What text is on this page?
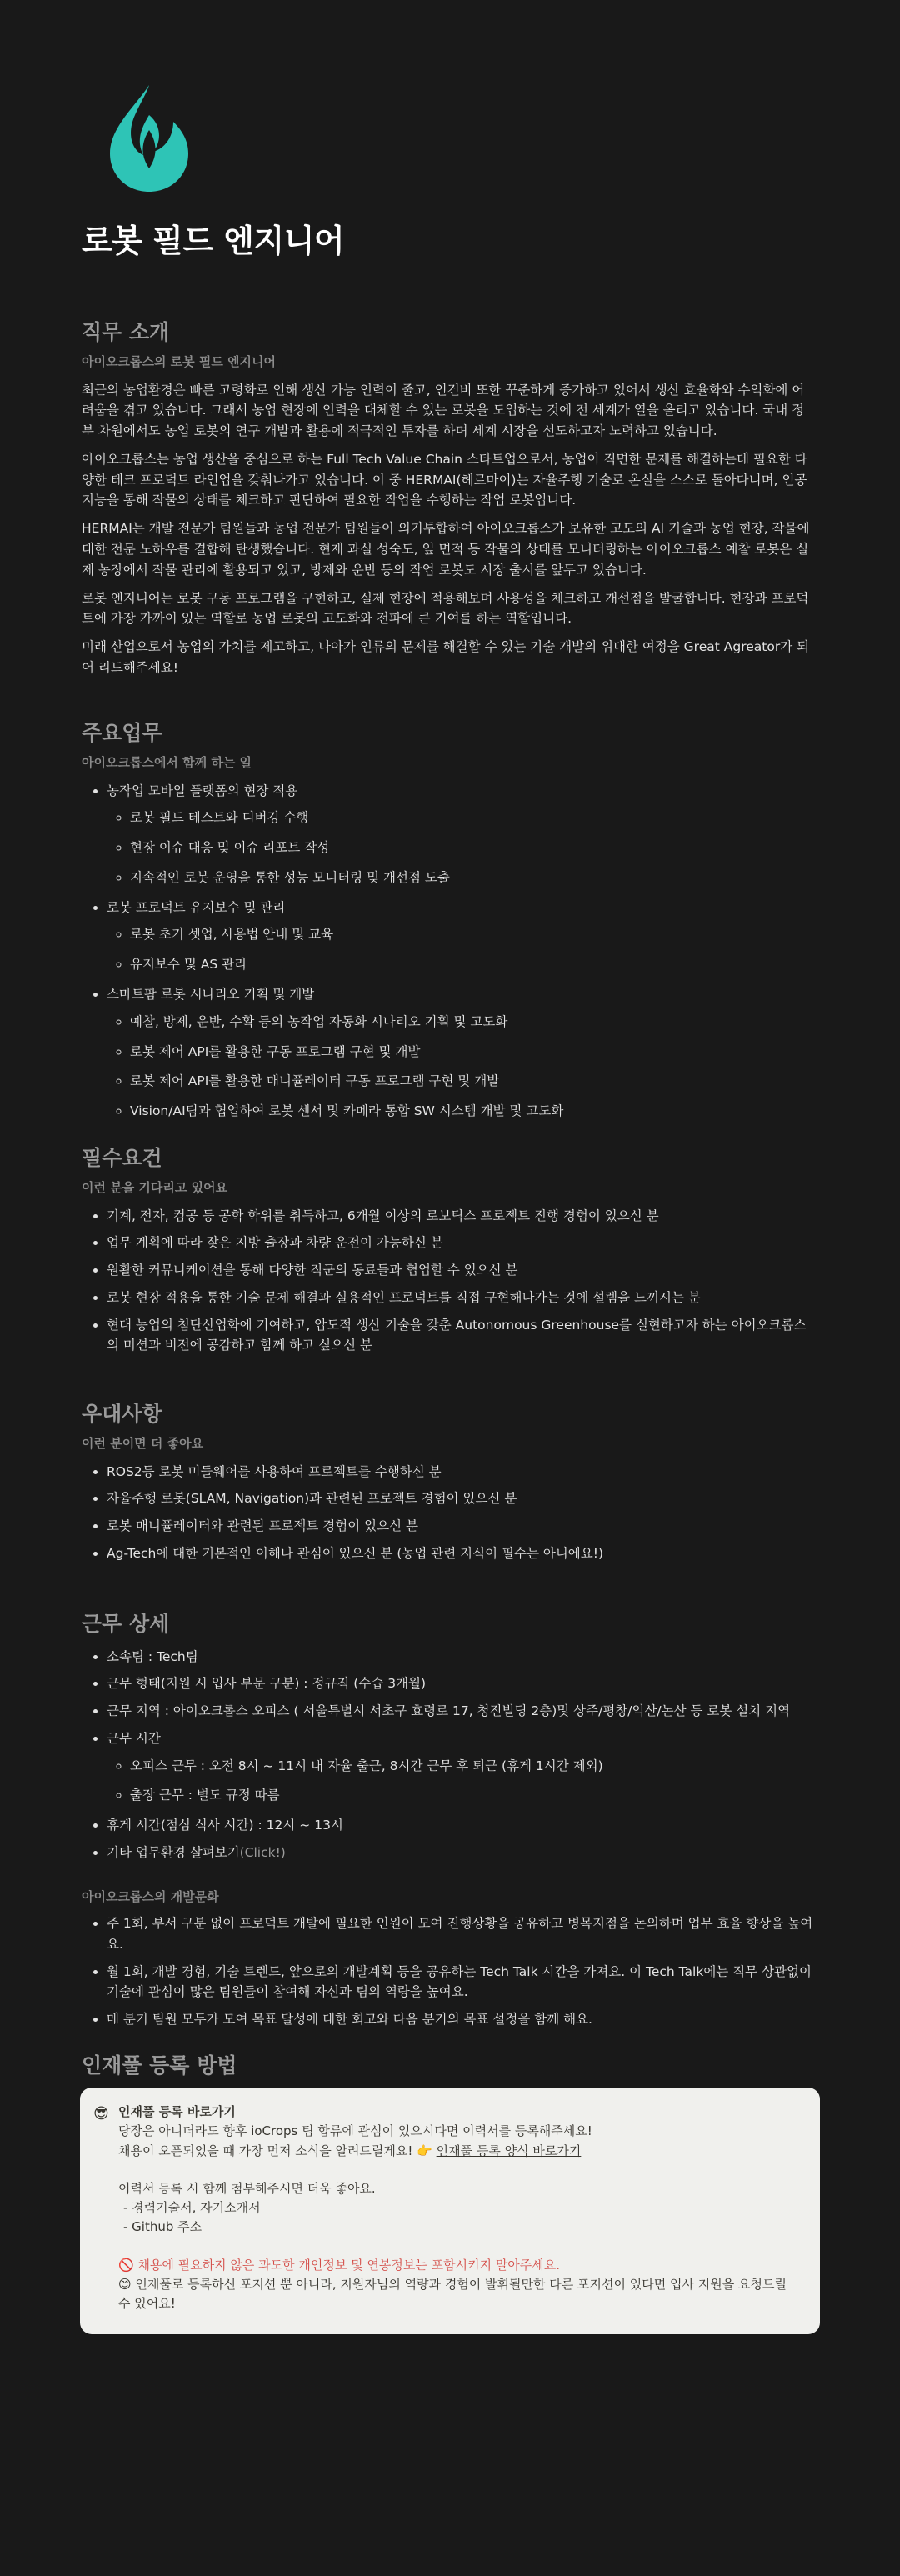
로봇 필드 엔지니어
직무 소개
아이오크롭스의 로봇 필드 엔지니어

최근의 농업환경은 빠른 고령화로 인해 생산 가능 인력이 줄고, 인건비 또한 꾸준하게 증가하고 있어서 생산 효율화와 수익화에 어려움을 겪고 있습니다. 그래서 농업 현장에 인력을 대체할 수 있는 로봇을 도입하는 것에 전 세계가 열을 올리고 있습니다. 국내 정부 차원에서도 농업 로봇의 연구 개발과 활용에 적극적인 투자를 하며 세계 시장을 선도하고자 노력하고 있습니다.

아이오크롭스는 농업 생산을 중심으로 하는 Full Tech Value Chain 스타트업으로서, 농업이 직면한 문제를 해결하는데 필요한 다양한 테크 프로덕트 라인업을 갖춰나가고 있습니다. 이 중 HERMAI(헤르마이)는 자율주행 기술로 온실을 스스로 돌아다니며, 인공지능을 통해 작물의 상태를 체크하고 판단하여 필요한 작업을 수행하는 작업 로봇입니다.

HERMAI는 개발 전문가 팀원들과 농업 전문가 팀원들이 의기투합하여 아이오크롭스가 보유한 고도의 AI 기술과 농업 현장, 작물에 대한 전문 노하우를 결합해 탄생했습니다. 현재 과실 성숙도, 잎 면적 등 작물의 상태를 모니터링하는 아이오크롭스 예찰 로봇은 실제 농장에서 작물 관리에 활용되고 있고, 방제와 운반 등의 작업 로봇도 시장 출시를 앞두고 있습니다.

로봇 엔지니어는 로봇 구동 프로그램을 구현하고, 실제 현장에 적용해보며 사용성을 체크하고 개선점을 발굴합니다. 현장과 프로덕트에 가장 가까이 있는 역할로 농업 로봇의 고도화와 전파에 큰 기여를 하는 역할입니다.

미래 산업으로서 농업의 가치를 제고하고, 나아가 인류의 문제를 해결할 수 있는 기술 개발의 위대한 여정을 Great Agreator가 되어 리드해주세요!

주요업무
아이오크롭스에서 함께 하는 일
• 농작업 모바일 플랫폼의 현장 적용
◦ 로봇 필드 테스트와 디버깅 수행
◦ 현장 이슈 대응 및 이슈 리포트 작성
◦ 지속적인 로봇 운영을 통한 성능 모니터링 및 개선점 도출
• 로봇 프로덕트 유지보수 및 관리
◦ 로봇 초기 셋업, 사용법 안내 및 교육
◦ 유지보수 및 AS 관리
• 스마트팜 로봇 시나리오 기획 및 개발
◦ 예찰, 방제, 운반, 수확 등의 농작업 자동화 시나리오 기획 및 고도화
◦ 로봇 제어 API를 활용한 구동 프로그램 구현 및 개발
◦ 로봇 제어 API를 활용한 매니퓰레이터 구동 프로그램 구현 및 개발
◦ Vision/AI팀과 협업하여 로봇 센서 및 카메라 통합 SW 시스템 개발 및 고도화
필수요건
이런 분을 기다리고 있어요
• 기계, 전자, 컴공 등 공학 학위를 취득하고, 6개월 이상의 로보틱스 프로젝트 진행 경험이 있으신 분
• 업무 계획에 따라 잦은 지방 출장과 차량 운전이 가능하신 분
• 원활한 커뮤니케이션을 통해 다양한 직군의 동료들과 협업할 수 있으신 분
• 로봇 현장 적용을 통한 기술 문제 해결과 실용적인 프로덕트를 직접 구현해나가는 것에 설렘을 느끼시는 분
• 현대 농업의 첨단산업화에 기여하고, 압도적 생산 기술을 갖춘 Autonomous Greenhouse를 실현하고자 하는 아이오크롭스의 미션과 비전에 공감하고 함께 하고 싶으신 분
우대사항
이런 분이면 더 좋아요
• ROS2등 로봇 미들웨어를 사용하여 프로젝트를 수행하신 분
• 자율주행 로봇(SLAM, Navigation)과 관련된 프로젝트 경험이 있으신 분
• 로봇 매니퓰레이터와 관련된 프로젝트 경험이 있으신 분
• Ag-Tech에 대한 기본적인 이해나 관심이 있으신 분 (농업 관련 지식이 필수는 아니에요!)
근무 상세
• 소속팀 : Tech팀
• 근무 형태(지원 시 입사 부문 구분) : 정규직 (수습 3개월)
• 근무 지역 : 아이오크롭스 오피스 ( 서울특별시 서초구 효령로 17, 청진빌딩 2층)및 상주/평창/익산/논산 등 로봇 설치 지역
• 근무 시간
◦ 오피스 근무 : 오전 8시 ~ 11시 내 자율 출근, 8시간 근무 후 퇴근 (휴게 1시간 제외)
◦ 출장 근무 : 별도 규정 따름
• 휴게 시간(점심 식사 시간) : 12시 ~ 13시
• 기타 업무환경 살펴보기(Click!)
아이오크롭스의 개발문화
• 주 1회, 부서 구분 없이 프로덕트 개발에 필요한 인원이 모여 진행상황을 공유하고 병목지점을 논의하며 업무 효율 향상을 높여요.
• 월 1회, 개발 경험, 기술 트렌드, 앞으로의 개발계획 등을 공유하는 Tech Talk 시간을 가져요. 이 Tech Talk에는 직무 상관없이 기술에 관심이 많은 팀원들이 참여해 자신과 팀의 역량을 높여요.
• 매 분기 팀원 모두가 모여 목표 달성에 대한 회고와 다음 분기의 목표 설정을 함께 해요.
인재풀 등록 방법
😎 인재풀 등록 바로가기
당장은 아니더라도 향후 ioCrops 팀 합류에 관심이 있으시다면 이력서를 등록해주세요!
채용이 오픈되었을 때 가장 먼저 소식을 알려드릴게요! 👉 인재풀 등록 양식 바로가기
이력서 등록 시 함께 첨부해주시면 더욱 좋아요.
- 경력기술서, 자기소개서
- Github 주소
🚫 채용에 필요하지 않은 과도한 개인정보 및 연봉정보는 포함시키지 말아주세요.
😊 인재풀로 등록하신 포지션 뿐 아니라, 지원자님의 역량과 경험이 발휘될만한 다른 포지션이 있다면 입사 지원을 요청드릴 수 있어요!
